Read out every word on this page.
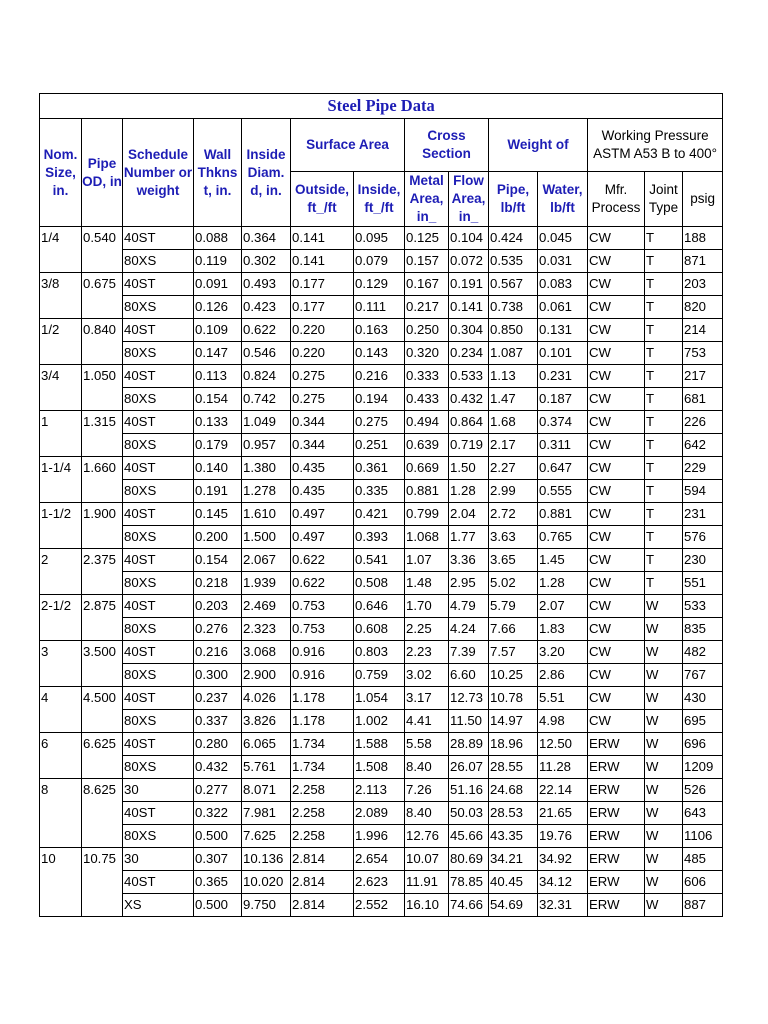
Steel Pipe Data													
Nom. Size, in.	Pipe OD, in	Schedule Number or weight	Wall Thkns t, in.	Inside Diam. d, in.	Surface Area		Cross Section		Weight of		Working Pressure ASTM A53 B to 400°		
					Outside, ft_/ft	Inside, ft_/ft	Metal Area, in_	Flow Area, in_	Pipe, lb/ft	Water, lb/ft	Mfr. Process	Joint Type	psig
1/4	0.540	40ST	0.088	0.364	0.141	0.095	0.125	0.104	0.424	0.045	CW	T	188
		80XS	0.119	0.302	0.141	0.079	0.157	0.072	0.535	0.031	CW	T	871
3/8	0.675	40ST	0.091	0.493	0.177	0.129	0.167	0.191	0.567	0.083	CW	T	203
		80XS	0.126	0.423	0.177	0.111	0.217	0.141	0.738	0.061	CW	T	820
1/2	0.840	40ST	0.109	0.622	0.220	0.163	0.250	0.304	0.850	0.131	CW	T	214
		80XS	0.147	0.546	0.220	0.143	0.320	0.234	1.087	0.101	CW	T	753
3/4	1.050	40ST	0.113	0.824	0.275	0.216	0.333	0.533	1.13	0.231	CW	T	217
		80XS	0.154	0.742	0.275	0.194	0.433	0.432	1.47	0.187	CW	T	681
1	1.315	40ST	0.133	1.049	0.344	0.275	0.494	0.864	1.68	0.374	CW	T	226
		80XS	0.179	0.957	0.344	0.251	0.639	0.719	2.17	0.311	CW	T	642
1-1/4	1.660	40ST	0.140	1.380	0.435	0.361	0.669	1.50	2.27	0.647	CW	T	229
		80XS	0.191	1.278	0.435	0.335	0.881	1.28	2.99	0.555	CW	T	594
1-1/2	1.900	40ST	0.145	1.610	0.497	0.421	0.799	2.04	2.72	0.881	CW	T	231
		80XS	0.200	1.500	0.497	0.393	1.068	1.77	3.63	0.765	CW	T	576
2	2.375	40ST	0.154	2.067	0.622	0.541	1.07	3.36	3.65	1.45	CW	T	230
		80XS	0.218	1.939	0.622	0.508	1.48	2.95	5.02	1.28	CW	T	551
2-1/2	2.875	40ST	0.203	2.469	0.753	0.646	1.70	4.79	5.79	2.07	CW	W	533
		80XS	0.276	2.323	0.753	0.608	2.25	4.24	7.66	1.83	CW	W	835
3	3.500	40ST	0.216	3.068	0.916	0.803	2.23	7.39	7.57	3.20	CW	W	482
		80XS	0.300	2.900	0.916	0.759	3.02	6.60	10.25	2.86	CW	W	767
4	4.500	40ST	0.237	4.026	1.178	1.054	3.17	12.73	10.78	5.51	CW	W	430
		80XS	0.337	3.826	1.178	1.002	4.41	11.50	14.97	4.98	CW	W	695
6	6.625	40ST	0.280	6.065	1.734	1.588	5.58	28.89	18.96	12.50	ERW	W	696
		80XS	0.432	5.761	1.734	1.508	8.40	26.07	28.55	11.28	ERW	W	1209
8	8.625	30	0.277	8.071	2.258	2.113	7.26	51.16	24.68	22.14	ERW	W	526
		40ST	0.322	7.981	2.258	2.089	8.40	50.03	28.53	21.65	ERW	W	643
		80XS	0.500	7.625	2.258	1.996	12.76	45.66	43.35	19.76	ERW	W	1106
10	10.75	30	0.307	10.136	2.814	2.654	10.07	80.69	34.21	34.92	ERW	W	485
		40ST	0.365	10.020	2.814	2.623	11.91	78.85	40.45	34.12	ERW	W	606
		XS	0.500	9.750	2.814	2.552	16.10	74.66	54.69	32.31	ERW	W	887
